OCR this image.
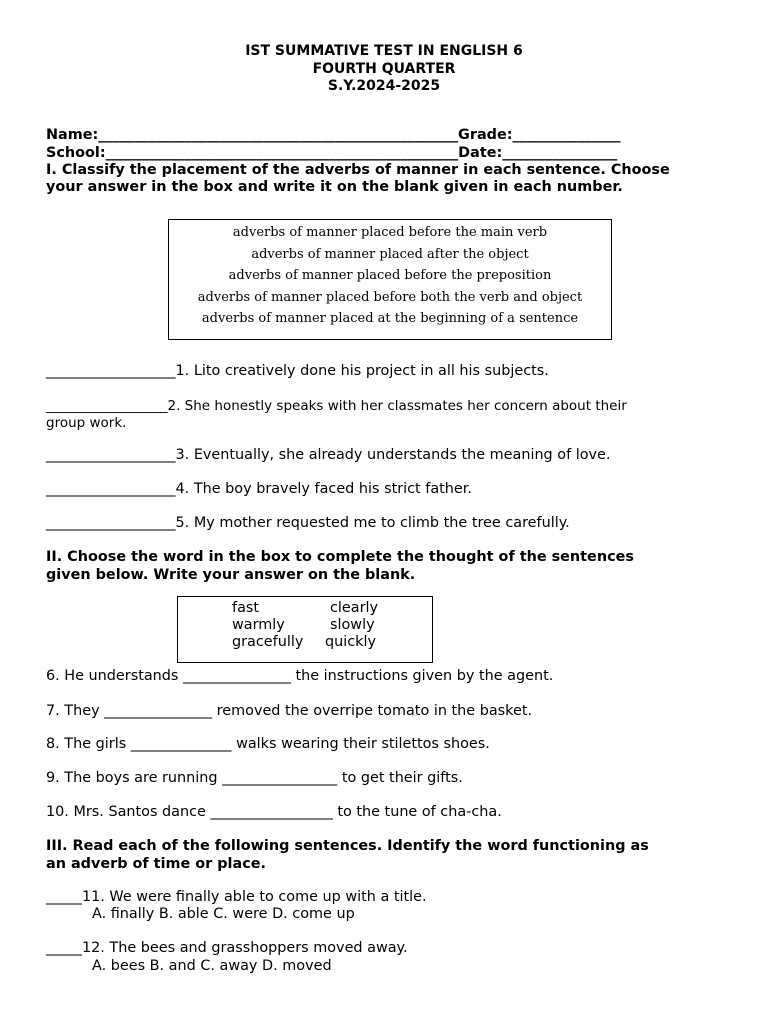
IST SUMMATIVE TEST IN ENGLISH 6
FOURTH QUARTER
S.Y.2024-2025
Name:__________________________________________________Grade:_______________
School:_________________________________________________Date:________________
I. Classify the placement of the adverbs of manner in each sentence. Choose
your answer in the box and write it on the blank given in each number.
adverbs of manner placed before the main verb
adverbs of manner placed after the object
adverbs of manner placed before the preposition
adverbs of manner placed before both the verb and object
adverbs of manner placed at the beginning of a sentence
__________________1. Lito creatively done his project in all his subjects.
__________________2. She honestly speaks with her classmates her concern about their
group work.
__________________3. Eventually, she already understands the meaning of love.
__________________4. The boy bravely faced his strict father.
__________________5. My mother requested me to climb the tree carefully.
II. Choose the word in the box to complete the thought of the sentences
given below. Write your answer on the blank.
fast	clearly
warmly	slowly
gracefully quickly
6. He understands _______________ the instructions given by the agent.
7. They _______________ removed the overripe tomato in the basket.
8. The girls ______________ walks wearing their stilettos shoes.
9. The boys are running ________________ to get their gifts.
10. Mrs. Santos dance _________________ to the tune of cha-cha.
III. Read each of the following sentences. Identify the word functioning as
an adverb of time or place.
_____11. We were finally able to come up with a title.
A. finally B. able C. were D. come up
_____12. The bees and grasshoppers moved away.
A. bees B. and C. away D. moved
